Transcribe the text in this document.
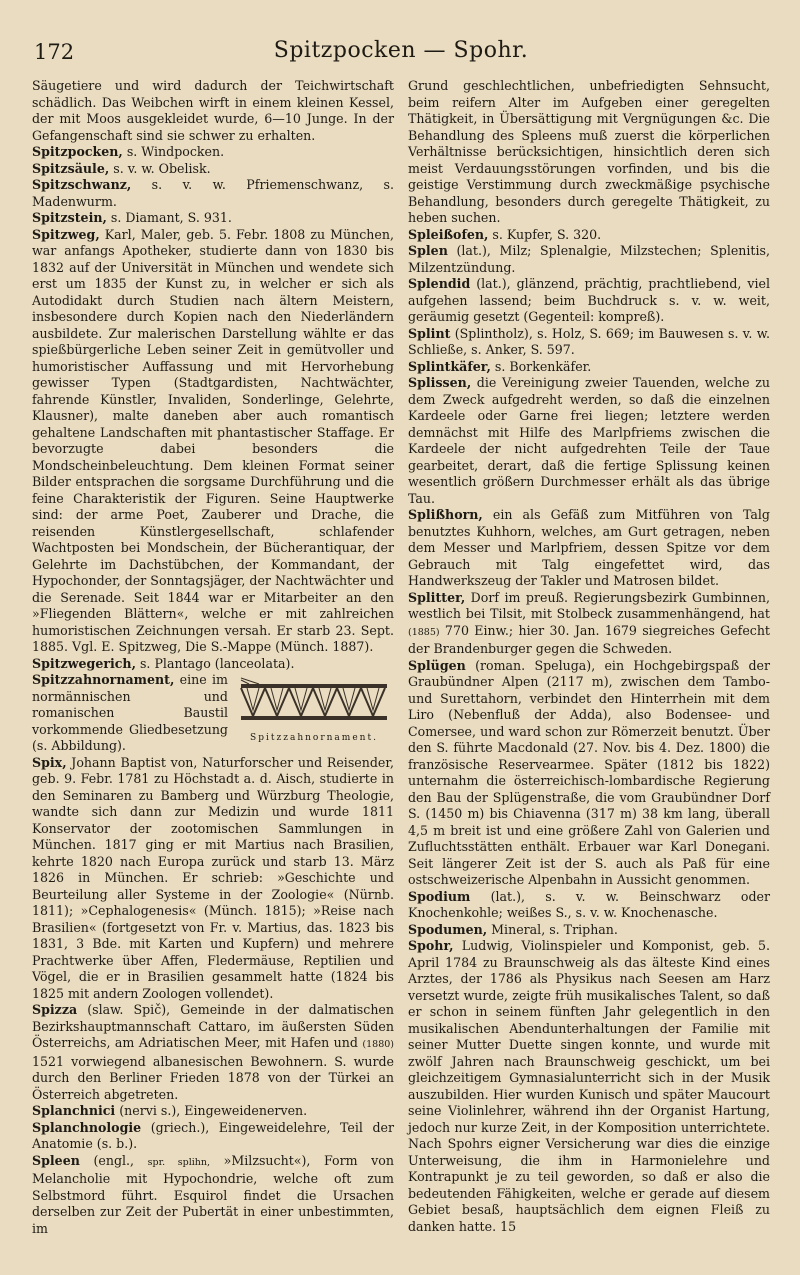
172	Spitzpocken — Spohr.

Säugetiere und wird dadurch der Teichwirtschaft schädlich. Das Weibchen wirft in einem kleinen Kessel, der mit Moos ausgekleidet wurde, 6—10 Junge. In der Gefangenschaft sind sie schwer zu erhalten.

Spitzpocken, s. Windpocken.

Spitzsäule, s. v. w. Obelisk.

Spitzschwanz, s. v. w. Pfriemenschwanz, s. Madenwurm.

Spitzstein, s. Diamant, S. 931.

Spitzweg, Karl, Maler, geb. 5. Febr. 1808 zu München, war anfangs Apotheker, studierte dann von 1830 bis 1832 auf der Universität in München und wendete sich erst um 1835 der Kunst zu, in welcher er sich als Autodidakt durch Studien nach ältern Meistern, insbesondere durch Kopien nach den Niederländern ausbildete. Zur malerischen Darstellung wählte er das spießbürgerliche Leben seiner Zeit in gemütvoller und humoristischer Auffassung und mit Hervorhebung gewisser Typen (Stadtgardisten, Nachtwächter, fahrende Künstler, Invaliden, Sonderlinge, Gelehrte, Klausner), malte daneben aber auch romantisch gehaltene Landschaften mit phantastischer Staffage. Er bevorzugte dabei besonders die Mondscheinbeleuchtung. Dem kleinen Format seiner Bilder entsprachen die sorgsame Durchführung und die feine Charakteristik der Figuren. Seine Hauptwerke sind: der arme Poet, Zauberer und Drache, die reisenden Künstlergesellschaft, schlafender Wachtposten bei Mondschein, der Bücherantiquar, der Gelehrte im Dachstübchen, der Kommandant, der Hypochonder, der Sonntagsjäger, der Nachtwächter und die Serenade. Seit 1844 war er Mitarbeiter an den »Fliegenden Blättern«, welche er mit zahlreichen humoristischen Zeichnungen versah. Er starb 23. Sept. 1885. Vgl. E. Spitzweg, Die S.-Mappe (Münch. 1887).

Spitzwegerich, s. Plantago (lanceolata).

Spitzzahnornament, eine im normännischen und romanischen Baustil vorkommende Gliedbesetzung (s. Abbildung).	Spitzzahnornament.

Spix, Johann Baptist von, Naturforscher und Reisender, geb. 9. Febr. 1781 zu Höchstadt a. d. Aisch, studierte in den Seminaren zu Bamberg und Würzburg Theologie, wandte sich dann zur Medizin und wurde 1811 Konservator der zootomischen Sammlungen in München. 1817 ging er mit Martius nach Brasilien, kehrte 1820 nach Europa zurück und starb 13. März 1826 in München. Er schrieb: »Geschichte und Beurteilung aller Systeme in der Zoologie« (Nürnb. 1811); »Cephalogenesis« (Münch. 1815); »Reise nach Brasilien« (fortgesetzt von Fr. v. Martius, das. 1823 bis 1831, 3 Bde. mit Karten und Kupfern) und mehrere Prachtwerke über Affen, Fledermäuse, Reptilien und Vögel, die er in Brasilien gesammelt hatte (1824 bis 1825 mit andern Zoologen vollendet).

Spizza (slaw. Spič), Gemeinde in der dalmatischen Bezirkshauptmannschaft Cattaro, im äußersten Süden Österreichs, am Adriatischen Meer, mit Hafen und (1880) 1521 vorwiegend albanesischen Bewohnern. S. wurde durch den Berliner Frieden 1878 von der Türkei an Österreich abgetreten.

Splanchnici (nervi s.), Eingeweidenerven.

Splanchnologie (griech.), Eingeweidelehre, Teil der Anatomie (s. b.).

Spleen (engl., spr. splihn, »Milzsucht«), Form von Melancholie mit Hypochondrie, welche oft zum Selbstmord führt. Esquirol findet die Ursachen derselben zur Zeit der Pubertät in einer unbestimmten, im

Grund geschlechtlichen, unbefriedigten Sehnsucht, beim reifern Alter im Aufgeben einer geregelten Thätigkeit, in Übersättigung mit Vergnügungen &c. Die Behandlung des Spleens muß zuerst die körperlichen Verhältnisse berücksichtigen, hinsichtlich deren sich meist Verdauungsstörungen vorfinden, und bis die geistige Verstimmung durch zweckmäßige psychische Behandlung, besonders durch geregelte Thätigkeit, zu heben suchen.

Spleißofen, s. Kupfer, S. 320.

Splen (lat.), Milz; Splenalgie, Milzstechen; Splenitis, Milzentzündung.

Splendid (lat.), glänzend, prächtig, prachtliebend, viel aufgehen lassend; beim Buchdruck s. v. w. weit, geräumig gesetzt (Gegenteil: kompreß).

Splint (Splintholz), s. Holz, S. 669; im Bauwesen s. v. w. Schließe, s. Anker, S. 597.

Splintkäfer, s. Borkenkäfer.

Splissen, die Vereinigung zweier Tauenden, welche zu dem Zweck aufgedreht werden, so daß die einzelnen Kardeele oder Garne frei liegen; letztere werden demnächst mit Hilfe des Marlpfriems zwischen die Kardeele der nicht aufgedrehten Teile der Taue gearbeitet, derart, daß die fertige Splissung keinen wesentlich größern Durchmesser erhält als das übrige Tau.

Splißhorn, ein als Gefäß zum Mitführen von Talg benutztes Kuhhorn, welches, am Gurt getragen, neben dem Messer und Marlpfriem, dessen Spitze vor dem Gebrauch mit Talg eingefettet wird, das Handwerkszeug der Takler und Matrosen bildet.

Splitter, Dorf im preuß. Regierungsbezirk Gumbinnen, westlich bei Tilsit, mit Stolbeck zusammenhängend, hat (1885) 770 Einw.; hier 30. Jan. 1679 siegreiches Gefecht der Brandenburger gegen die Schweden.

Splügen (roman. Speluga), ein Hochgebirgspaß der Graubündner Alpen (2117 m), zwischen dem Tambo- und Surettahorn, verbindet den Hinterrhein mit dem Liro (Nebenfluß der Adda), also Bodensee- und Comersee, und ward schon zur Römerzeit benutzt. Über den S. führte Macdonald (27. Nov. bis 4. Dez. 1800) die französische Reservearmee. Später (1812 bis 1822) unternahm die österreichisch-lombardische Regierung den Bau der Splügenstraße, die vom Graubündner Dorf S. (1450 m) bis Chiavenna (317 m) 38 km lang, überall 4,5 m breit ist und eine größere Zahl von Galerien und Zufluchtsstätten enthält. Erbauer war Karl Donegani. Seit längerer Zeit ist der S. auch als Paß für eine ostschweizerische Alpenbahn in Aussicht genommen.

Spodium (lat.), s. v. w. Beinschwarz oder Knochenkohle; weißes S., s. v. w. Knochenasche.

Spodumen, Mineral, s. Triphan.

Spohr, Ludwig, Violinspieler und Komponist, geb. 5. April 1784 zu Braunschweig als das älteste Kind eines Arztes, der 1786 als Physikus nach Seesen am Harz versetzt wurde, zeigte früh musikalisches Talent, so daß er schon in seinem fünften Jahr gelegentlich in den musikalischen Abendunterhaltungen der Familie mit seiner Mutter Duette singen konnte, und wurde mit zwölf Jahren nach Braunschweig geschickt, um bei gleichzeitigem Gymnasialunterricht sich in der Musik auszubilden. Hier wurden Kunisch und später Maucourt seine Violinlehrer, während ihn der Organist Hartung, jedoch nur kurze Zeit, in der Komposition unterrichtete. Nach Spohrs eigner Versicherung war dies die einzige Unterweisung, die ihm in Harmonielehre und Kontrapunkt je zu teil geworden, so daß er also die bedeutenden Fähigkeiten, welche er gerade auf diesem Gebiet besaß, hauptsächlich dem eignen Fleiß zu danken hatte. 15
